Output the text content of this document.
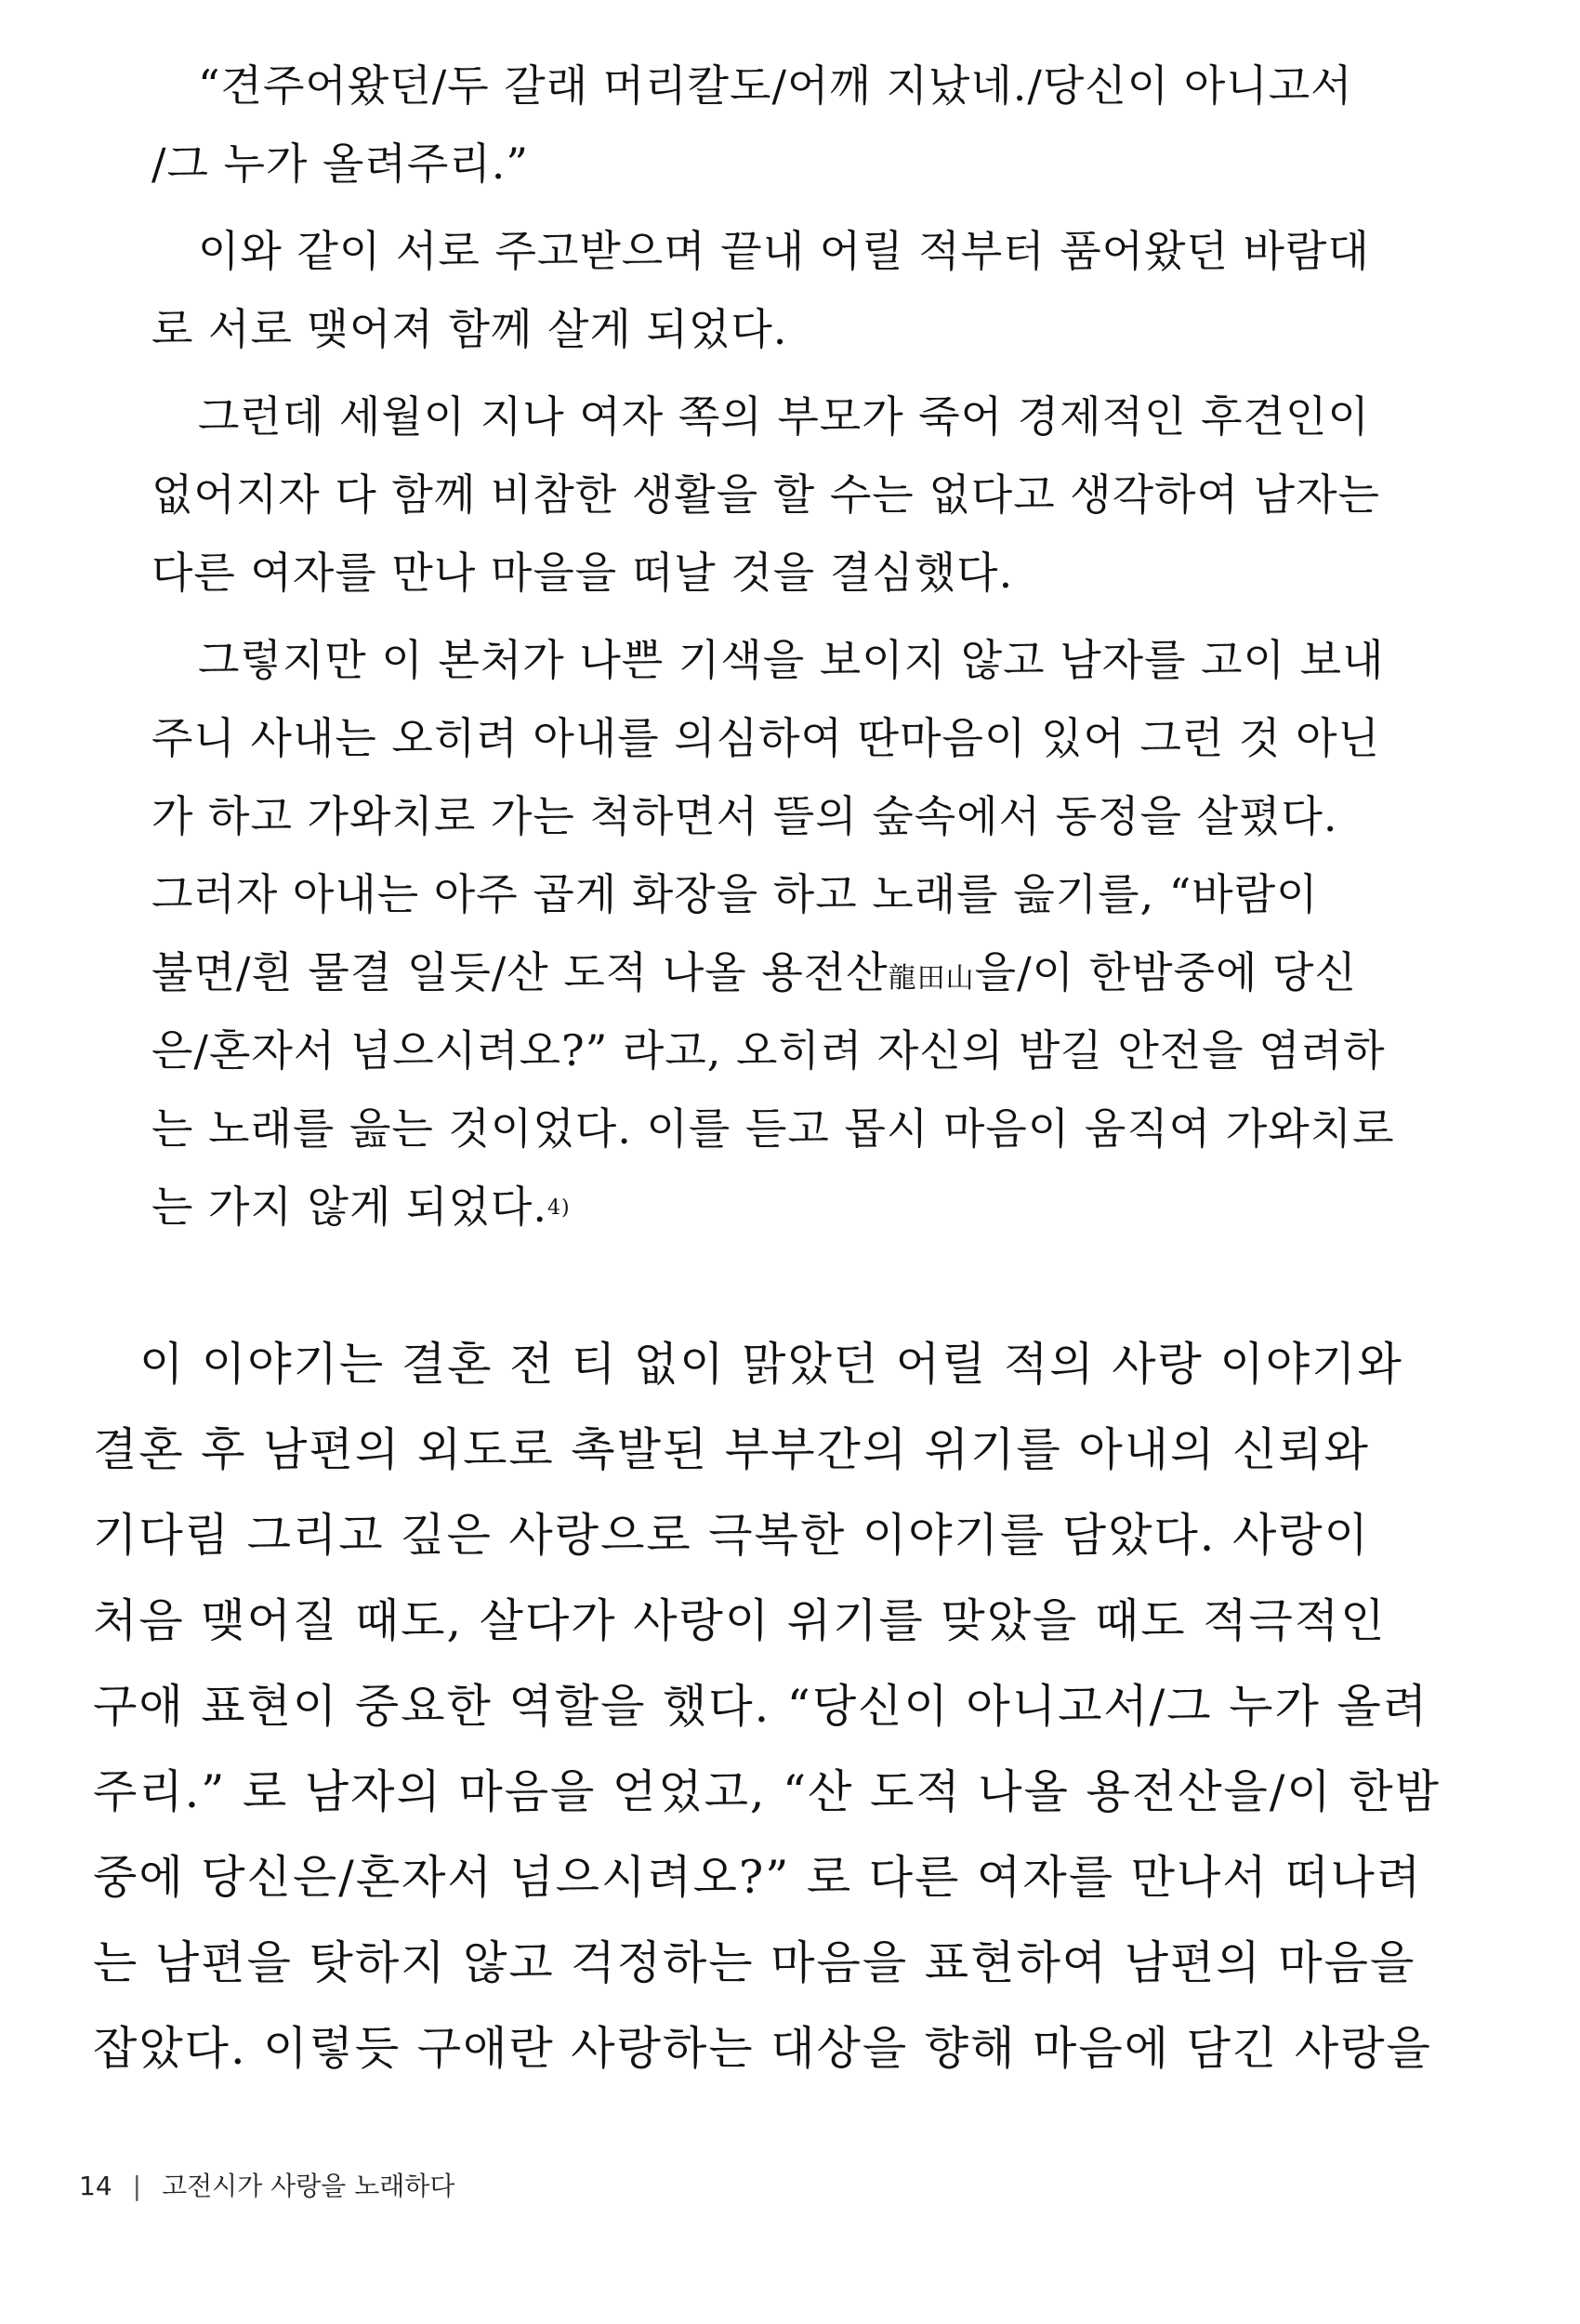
“견주어왔던/두 갈래 머리칼도/어깨 지났네./당신이 아니고서
/그 누가 올려주리.”
이와 같이 서로 주고받으며 끝내 어릴 적부터 품어왔던 바람대
로 서로 맺어져 함께 살게 되었다.
그런데 세월이 지나 여자 쪽의 부모가 죽어 경제적인 후견인이
없어지자 다 함께 비참한 생활을 할 수는 없다고 생각하여 남자는
다른 여자를 만나 마을을 떠날 것을 결심했다.
그렇지만 이 본처가 나쁜 기색을 보이지 않고 남자를 고이 보내
주니 사내는 오히려 아내를 의심하여 딴마음이 있어 그런 것 아닌
가 하고 가와치로 가는 척하면서 뜰의 숲속에서 동정을 살폈다.
그러자 아내는 아주 곱게 화장을 하고 노래를 읊기를, “바람이
불면/흰 물결 일듯/산 도적 나올 용전산龍田山을/이 한밤중에 당신
은/혼자서 넘으시려오?” 라고, 오히려 자신의 밤길 안전을 염려하
는 노래를 읊는 것이었다. 이를 듣고 몹시 마음이 움직여 가와치로
는 가지 않게 되었다.$^{4)}$
이 이야기는 결혼 전 티 없이 맑았던 어릴 적의 사랑 이야기와
결혼 후 남편의 외도로 촉발된 부부간의 위기를 아내의 신뢰와
기다림 그리고 깊은 사랑으로 극복한 이야기를 담았다. 사랑이
처음 맺어질 때도, 살다가 사랑이 위기를 맞았을 때도 적극적인
구애 표현이 중요한 역할을 했다. “당신이 아니고서/그 누가 올려
주리.” 로 남자의 마음을 얻었고, “산 도적 나올 용전산을/이 한밤
중에 당신은/혼자서 넘으시려오?” 로 다른 여자를 만나서 떠나려
는 남편을 탓하지 않고 걱정하는 마음을 표현하여 남편의 마음을
잡았다. 이렇듯 구애란 사랑하는 대상을 향해 마음에 담긴 사랑을
14 | 고전시가 사랑을 노래하다
